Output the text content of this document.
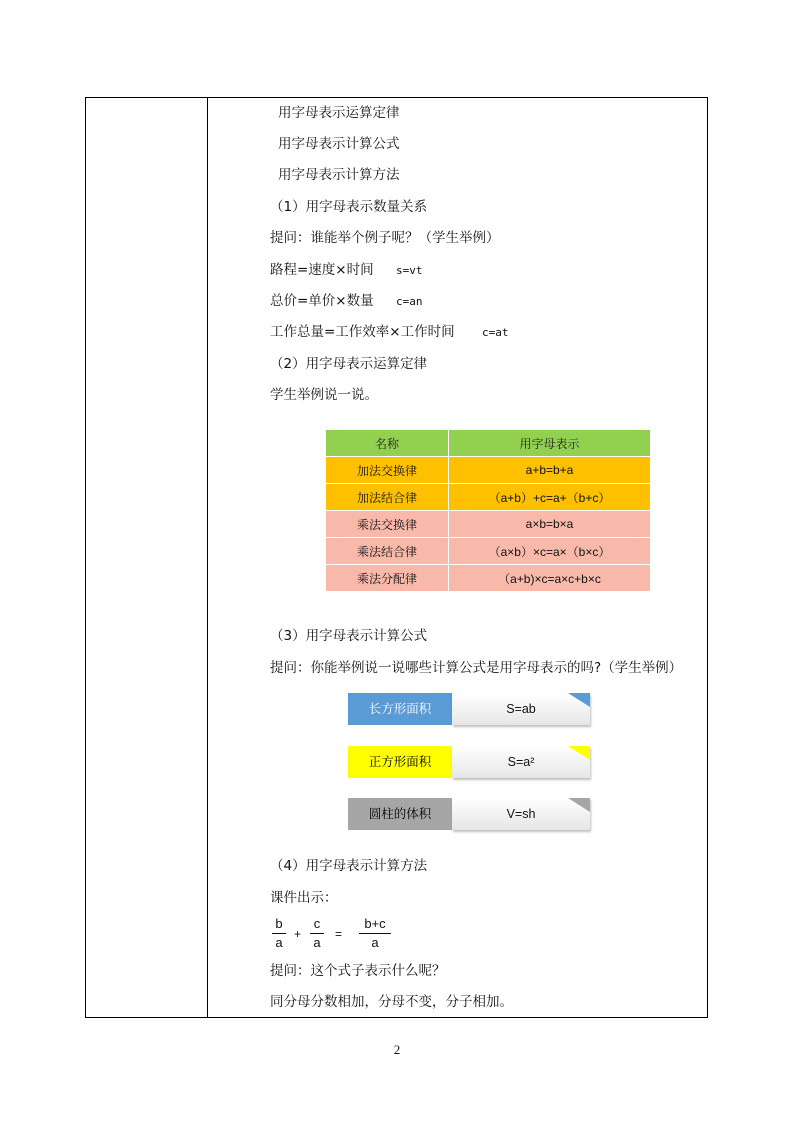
用字母表示运算定律
用字母表示计算公式
用字母表示计算方法
（1）用字母表示数量关系
提问：谁能举个例子呢？（学生举例）
路程=速度×时间 s=vt
总价=单价×数量 c=an
工作总量=工作效率×工作时间 c=at
（2）用字母表示运算定律
学生举例说一说。
名称	用字母表示
加法交换律	a+b=b+a
加法结合律	（a+b）+c=a+（b+c）
乘法交换律	a×b=b×a
乘法结合律	（a×b）×c=a×（b×c）
乘法分配律	（a+b)×c=a×c+b×c
（3）用字母表示计算公式
提问：你能举例说一说哪些计算公式是用字母表示的吗?（学生举例）
长方形面积	S=ab
正方形面积	S=a²
圆柱的体积	V=sh
（4）用字母表示计算方法
课件出示：
b
a
+
c
a
=
b+c
a
提问：这个式子表示什么呢？
同分母分数相加，分母不变，分子相加。
2
